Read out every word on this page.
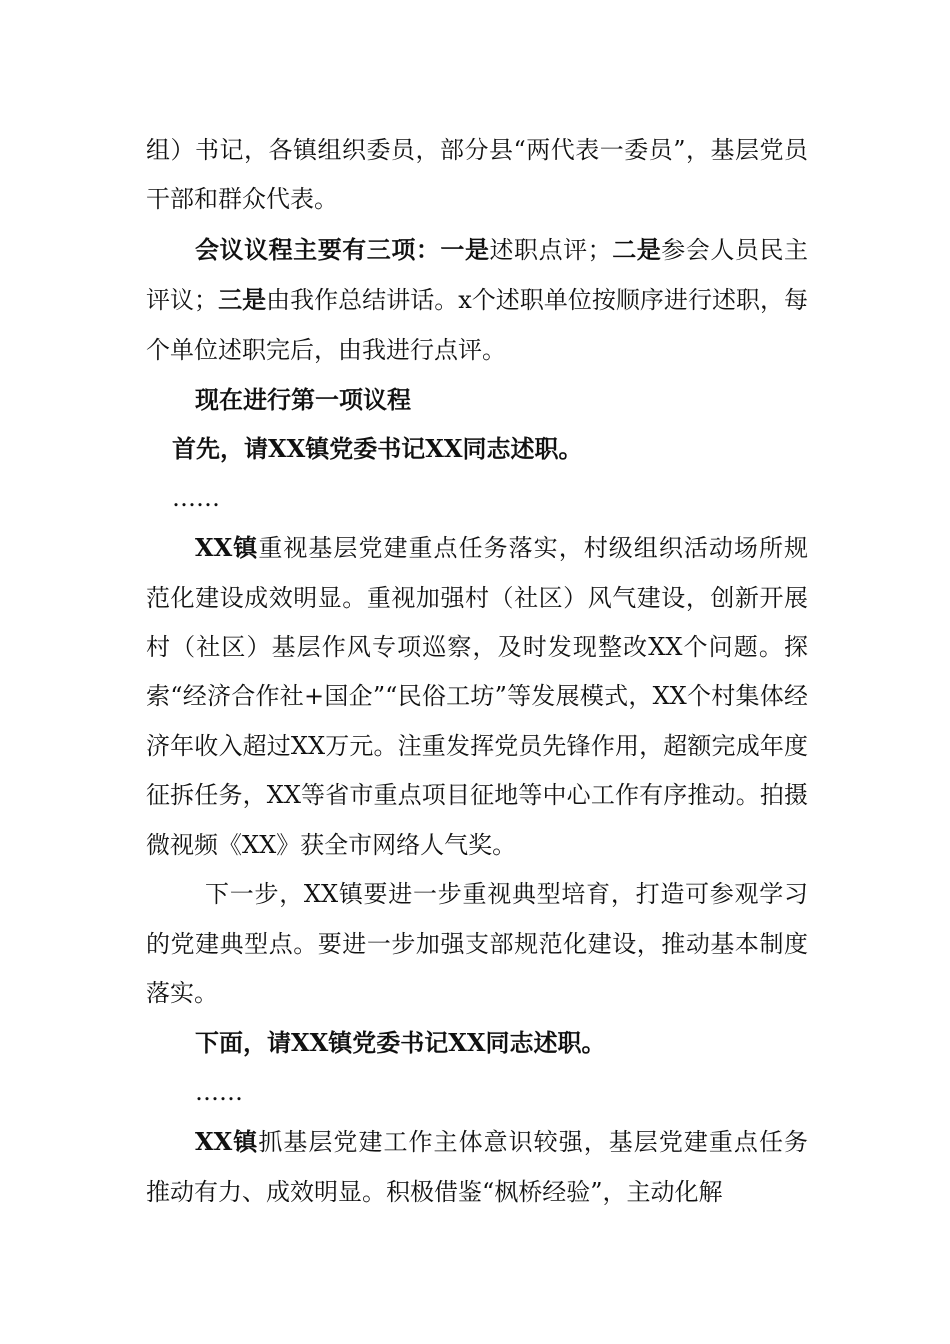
组）书记，各镇组织委员，部分县“两代表一委员”，基层党员干部和群众代表。

会议议程主要有三项：一是述职点评；二是参会人员民主评议；三是由我作总结讲话。x个述职单位按顺序进行述职，每个单位述职完后，由我进行点评。

现在进行第一项议程

首先，请XX镇党委书记XX同志述职。

……

XX镇重视基层党建重点任务落实，村级组织活动场所规范化建设成效明显。重视加强村（社区）风气建设，创新开展村（社区）基层作风专项巡察，及时发现整改XX个问题。探索“经济合作社+国企”“民俗工坊”等发展模式，XX个村集体经济年收入超过XX万元。注重发挥党员先锋作用，超额完成年度征拆任务，XX等省市重点项目征地等中心工作有序推动。拍摄微视频《XX》获全市网络人气奖。

下一步，XX镇要进一步重视典型培育，打造可参观学习的党建典型点。要进一步加强支部规范化建设，推动基本制度落实。

下面，请XX镇党委书记XX同志述职。

……

XX镇抓基层党建工作主体意识较强，基层党建重点任务推动有力、成效明显。积极借鉴“枫桥经验”，主动化解
